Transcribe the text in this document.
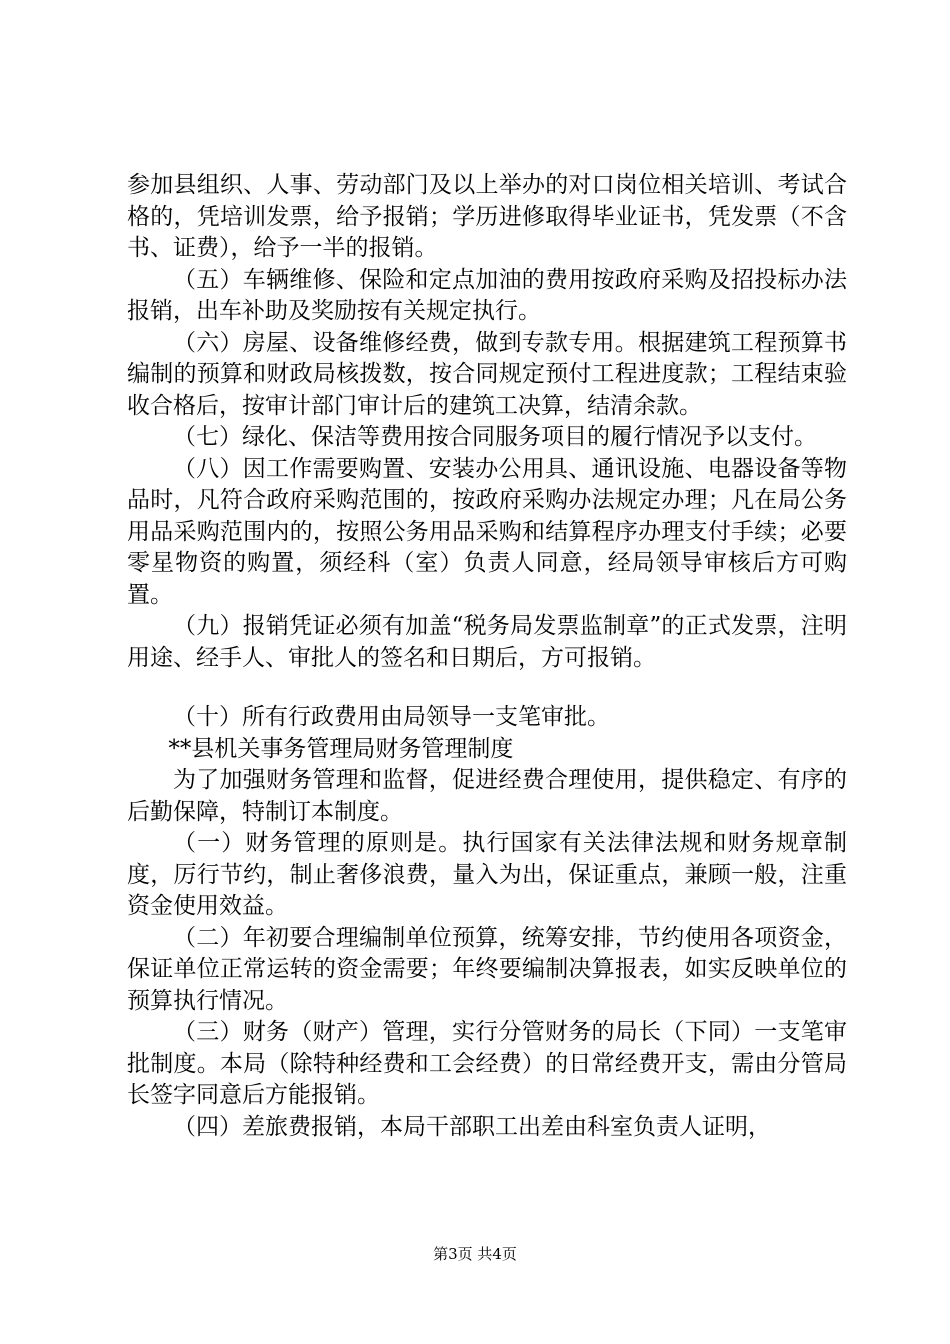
参加县组织、人事、劳动部门及以上举办的对口岗位相关培训、考试合格的，凭培训发票，给予报销；学历进修取得毕业证书，凭发票（不含书、证费），给予一半的报销。

（五）车辆维修、保险和定点加油的费用按政府采购及招投标办法报销，出车补助及奖励按有关规定执行。

（六）房屋、设备维修经费，做到专款专用。根据建筑工程预算书编制的预算和财政局核拨数，按合同规定预付工程进度款；工程结束验收合格后，按审计部门审计后的建筑工决算，结清余款。

（七）绿化、保洁等费用按合同服务项目的履行情况予以支付。

（八）因工作需要购置、安装办公用具、通讯设施、电器设备等物品时，凡符合政府采购范围的，按政府采购办法规定办理；凡在局公务用品采购范围内的，按照公务用品采购和结算程序办理支付手续；必要零星物资的购置，须经科（室）负责人同意，经局领导审核后方可购置。

（九）报销凭证必须有加盖“税务局发票监制章”的正式发票，注明用途、经手人、审批人的签名和日期后，方可报销。

（十）所有行政费用由局领导一支笔审批。

**县机关事务管理局财务管理制度

为了加强财务管理和监督，促进经费合理使用，提供稳定、有序的后勤保障，特制订本制度。

（一）财务管理的原则是。执行国家有关法律法规和财务规章制度，厉行节约，制止奢侈浪费，量入为出，保证重点，兼顾一般，注重资金使用效益。

（二）年初要合理编制单位预算，统筹安排，节约使用各项资金，保证单位正常运转的资金需要；年终要编制决算报表，如实反映单位的预算执行情况。

（三）财务（财产）管理，实行分管财务的局长（下同）一支笔审批制度。本局（除特种经费和工会经费）的日常经费开支，需由分管局长签字同意后方能报销。

（四）差旅费报销，本局干部职工出差由科室负责人证明，

第3页 共4页
